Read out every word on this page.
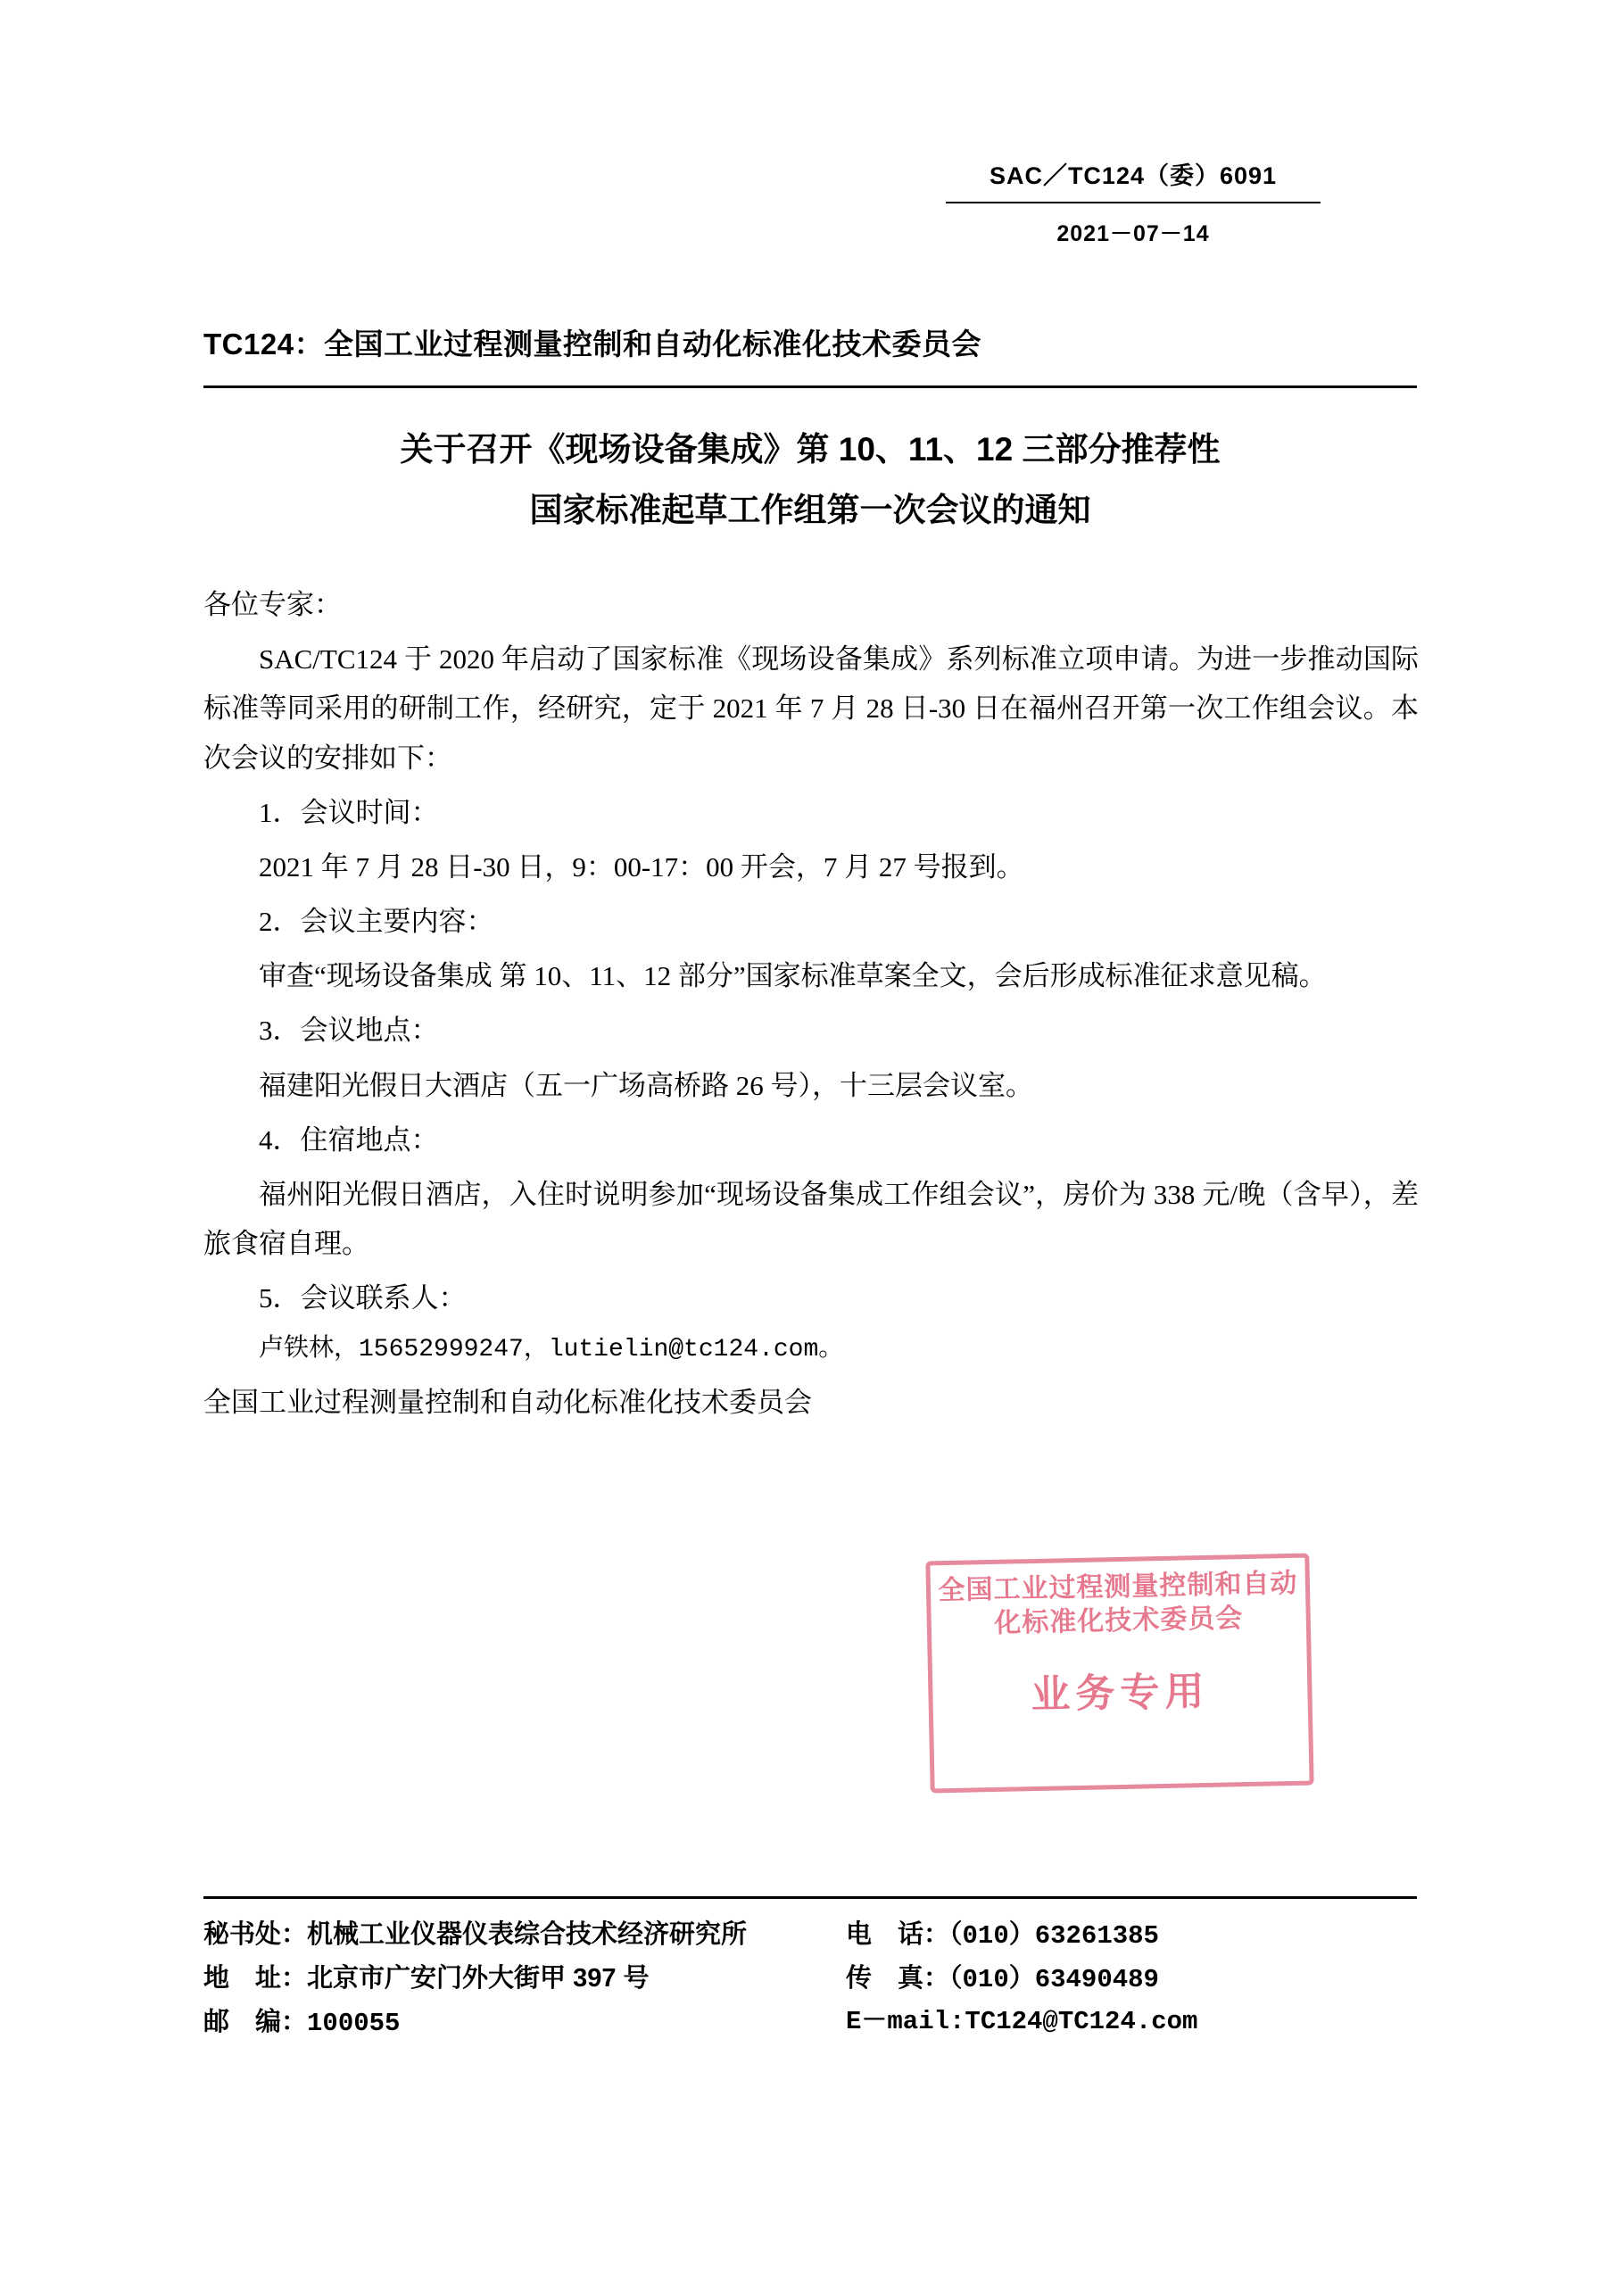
SAC／TC124（委）6091
2021－07－14
TC124：全国工业过程测量控制和自动化标准化技术委员会
关于召开《现场设备集成》第 10、11、12 三部分推荐性
国家标准起草工作组第一次会议的通知

各位专家：

SAC/TC124 于 2020 年启动了国家标准《现场设备集成》系列标准立项申请。为进一步推动国际标准等同采用的研制工作，经研究，定于 2021 年 7 月 28 日-30 日在福州召开第一次工作组会议。本次会议的安排如下：

1．会议时间：

2021 年 7 月 28 日-30 日，9：00-17：00 开会，7 月 27 号报到。

2．会议主要内容：

审查“现场设备集成 第 10、11、12 部分”国家标准草案全文，会后形成标准征求意见稿。

3．会议地点：

福建阳光假日大酒店（五一广场高桥路 26 号），十三层会议室。

4．住宿地点：

福州阳光假日酒店，入住时说明参加“现场设备集成工作组会议”，房价为 338 元/晚（含早），差旅食宿自理。

5．会议联系人：

卢铁林，15652999247，lutielin@tc124.com。

全国工业过程测量控制和自动化标准化技术委员会

全国工业过程测量控制和自动化标准化技术委员会
业务专用
秘书处：机械工业仪器仪表综合技术经济研究所	电　话：（010）63261385
地　址：北京市广安门外大街甲 397 号	传　真：（010）63490489
邮　编：100055	E－mail:TC124@TC124.com
